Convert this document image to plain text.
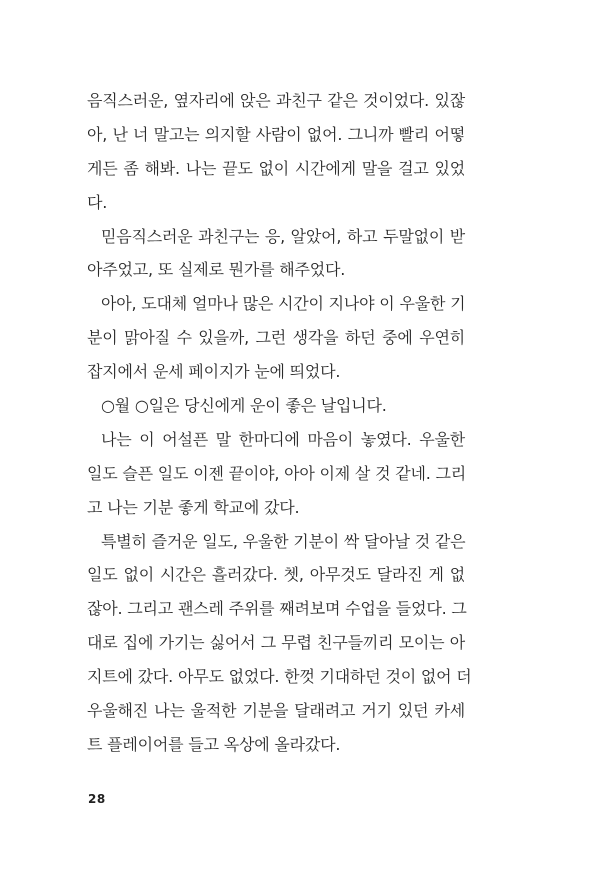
음직스러운, 옆자리에 앉은 과친구 같은 것이었다. 있잖
아, 난 너 말고는 의지할 사람이 없어. 그니까 빨리 어떻
게든 좀 해봐. 나는 끝도 없이 시간에게 말을 걸고 있었
다.
믿음직스러운 과친구는 응, 알았어, 하고 두말없이 받
아주었고, 또 실제로 뭔가를 해주었다.
아아, 도대체 얼마나 많은 시간이 지나야 이 우울한 기
분이 맑아질 수 있을까, 그런 생각을 하던 중에 우연히
잡지에서 운세 페이지가 눈에 띄었다.
○월 ○일은 당신에게 운이 좋은 날입니다.
나는 이 어설픈 말 한마디에 마음이 놓였다. 우울한
일도 슬픈 일도 이젠 끝이야, 아아 이제 살 것 같네. 그리
고 나는 기분 좋게 학교에 갔다.
특별히 즐거운 일도, 우울한 기분이 싹 달아날 것 같은
일도 없이 시간은 흘러갔다. 쳇, 아무것도 달라진 게 없
잖아. 그리고 괜스레 주위를 째려보며 수업을 들었다. 그
대로 집에 가기는 싫어서 그 무렵 친구들끼리 모이는 아
지트에 갔다. 아무도 없었다. 한껏 기대하던 것이 없어 더
우울해진 나는 울적한 기분을 달래려고 거기 있던 카세
트 플레이어를 들고 옥상에 올라갔다.
28
